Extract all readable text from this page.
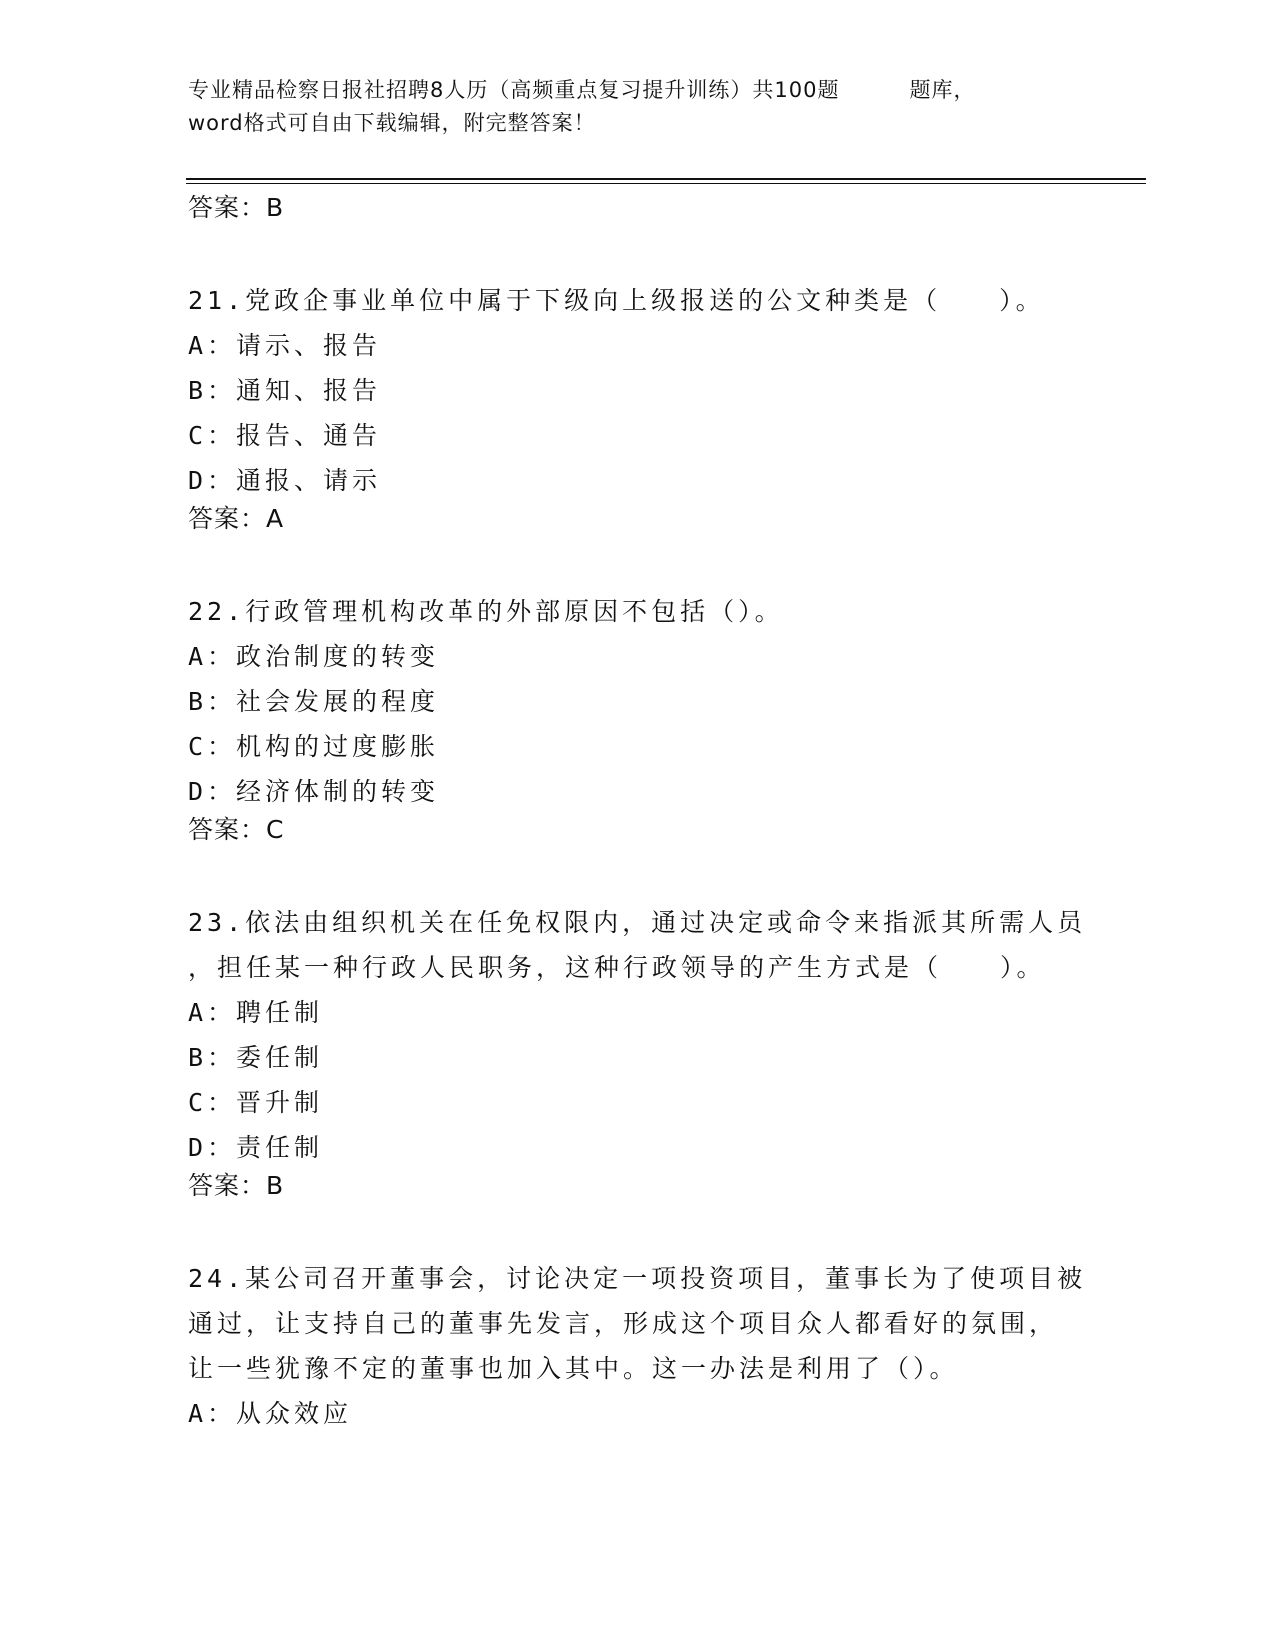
专业精品检察日报社招聘8人历（高频重点复习提升训练）共100题	题库，
word格式可自由下载编辑，附完整答案！
答案：B
21.党政企事业单位中属于下级向上级报送的公文种类是（　　）。
A：请示、报告
B：通知、报告
C：报告、通告
D：通报、请示
答案：A
22.行政管理机构改革的外部原因不包括（）。
A：政治制度的转变
B：社会发展的程度
C：机构的过度膨胀
D：经济体制的转变
答案：C
23.依法由组织机关在任免权限内，通过决定或命令来指派其所需人员
，担任某一种行政人民职务，这种行政领导的产生方式是（　　）。
A：聘任制
B：委任制
C：晋升制
D：责任制
答案：B
24.某公司召开董事会，讨论决定一项投资项目，董事长为了使项目被
通过，让支持自己的董事先发言，形成这个项目众人都看好的氛围，
让一些犹豫不定的董事也加入其中。这一办法是利用了（）。
A：从众效应
